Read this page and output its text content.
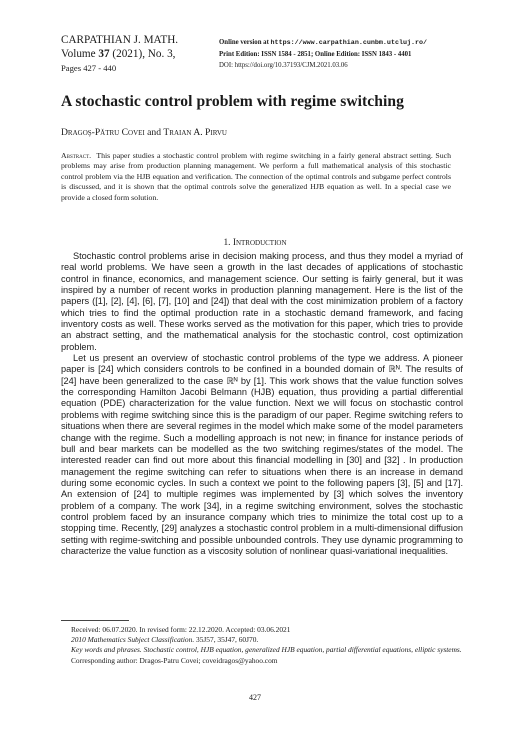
CARPATHIAN J. MATH.
Volume 37 (2021), No. 3,
Pages 427 - 440
Online version at https://www.carpathian.cunbm.utcluj.ro/
Print Edition: ISSN 1584 - 2851; Online Edition: ISSN 1843 - 4401
DOI: https://doi.org/10.37193/CJM.2021.03.06
A stochastic control problem with regime switching
Dragoş-Pătru Covei and Traian A. Pirvu
Abstract. This paper studies a stochastic control problem with regime switching in a fairly general abstract setting. Such problems may arise from production planning management. We perform a full mathematical analysis of this stochastic control problem via the HJB equation and verification. The connection of the optimal controls and subgame perfect controls is discussed, and it is shown that the optimal controls solve the generalized HJB equation as well. In a special case we provide a closed form solution.
1. Introduction

Stochastic control problems arise in decision making process, and thus they model a myriad of real world problems. We have seen a growth in the last decades of applications of stochastic control in finance, economics, and management science. Our setting is fairly general, but it was inspired by a number of recent works in production planning management. Here is the list of the papers ([1], [2], [4], [6], [7], [10] and [24]) that deal with the cost minimization problem of a factory which tries to find the optimal production rate in a stochastic demand framework, and facing inventory costs as well. These works served as the motivation for this paper, which tries to provide an abstract setting, and the mathematical analysis for the stochastic control, cost optimization problem.

Let us present an overview of stochastic control problems of the type we address. A pioneer paper is [24] which considers controls to be confined in a bounded domain of ℝᴺ. The results of [24] have been generalized to the case ℝᴺ by [1]. This work shows that the value function solves the corresponding Hamilton Jacobi Belmann (HJB) equation, thus providing a partial differential equation (PDE) characterization for the value function. Next we will focus on stochastic control problems with regime switching since this is the paradigm of our paper. Regime switching refers to situations when there are several regimes in the model which make some of the model parameters change with the regime. Such a modelling approach is not new; in finance for instance periods of bull and bear markets can be modelled as the two switching regimes/states of the model. The interested reader can find out more about this financial modelling in [30] and [32] . In production management the regime switching can refer to situations when there is an increase in demand during some economic cycles. In such a context we point to the following papers [3], [5] and [17]. An extension of [24] to multiple regimes was implemented by [3] which solves the inventory problem of a company. The work [34], in a regime switching environment, solves the stochastic control problem faced by an insurance company which tries to minimize the total cost up to a stopping time. Recently, [29] analyzes a stochastic control problem in a multi-dimensional diffusion setting with regime-switching and possible unbounded controls. They use dynamic programming to characterize the value function as a viscosity solution of nonlinear quasi-variational inequalities.

Received: 06.07.2020. In revised form: 22.12.2020. Accepted: 03.06.2021
2010 Mathematics Subject Classification. 35J57, 35J47, 60J70.
Key words and phrases. Stochastic control, HJB equation, generalized HJB equation, partial differential equations, elliptic systems.
Corresponding author: Dragos-Patru Covei; coveidragos@yahoo.com
427
